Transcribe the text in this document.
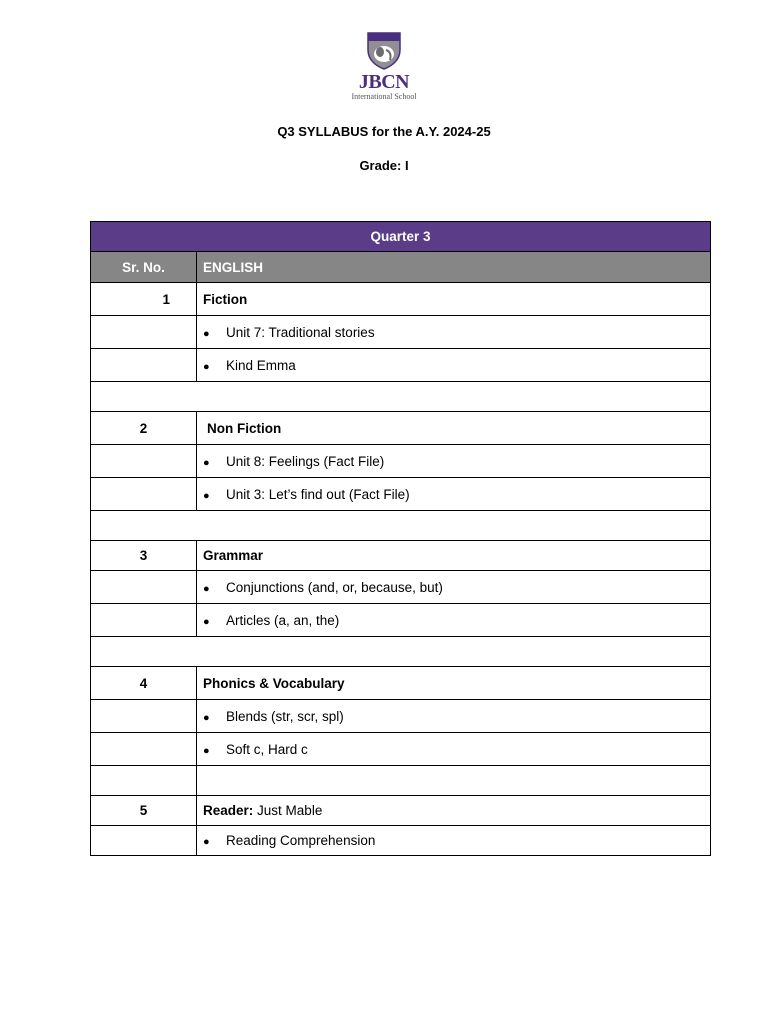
JBCN
International School
Q3 SYLLABUS for the A.Y. 2024-25
Grade: I
Quarter 3	
Sr. No.	ENGLISH
1	Fiction
	● Unit 7: Traditional stories
	● Kind Emma

2	Non Fiction
	● Unit 8: Feelings (Fact File)
	● Unit 3: Let’s find out (Fact File)

3	Grammar
	● Conjunctions (and, or, because, but)
	● Articles (a, an, the)

4	Phonics & Vocabulary
	● Blends (str, scr, spl)
	● Soft c, Hard c

5	Reader: Just Mable
	● Reading Comprehension
